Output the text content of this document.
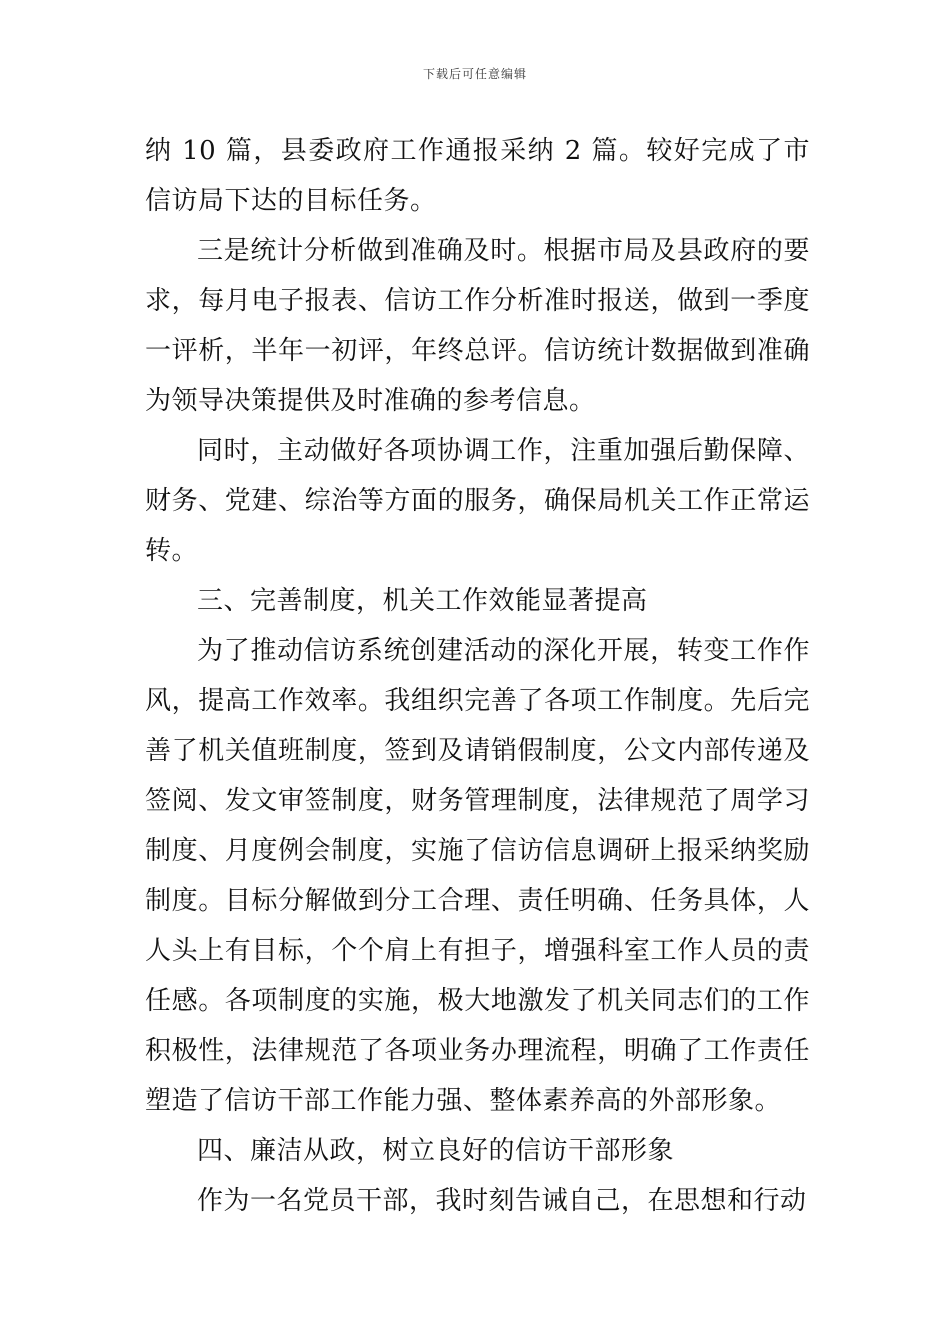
下载后可任意编辑

纳 10 篇，县委政府工作通报采纳 2 篇。较好完成了市信访局下达的目标任务。

三是统计分析做到准确及时。根据市局及县政府的要求，每月电子报表、信访工作分析准时报送，做到一季度一评析，半年一初评，年终总评。信访统计数据做到准确为领导决策提供及时准确的参考信息。

同时，主动做好各项协调工作，注重加强后勤保障、财务、党建、综治等方面的服务，确保局机关工作正常运转。

三、完善制度，机关工作效能显著提高

为了推动信访系统创建活动的深化开展，转变工作作风，提高工作效率。我组织完善了各项工作制度。先后完善了机关值班制度，签到及请销假制度，公文内部传递及签阅、发文审签制度，财务管理制度，法律规范了周学习制度、月度例会制度，实施了信访信息调研上报采纳奖励制度。目标分解做到分工合理、责任明确、任务具体，人人头上有目标，个个肩上有担子，增强科室工作人员的责任感。各项制度的实施，极大地激发了机关同志们的工作积极性，法律规范了各项业务办理流程，明确了工作责任塑造了信访干部工作能力强、整体素养高的外部形象。

四、廉洁从政，树立良好的信访干部形象

作为一名党员干部，我时刻告诫自己，在思想和行动
